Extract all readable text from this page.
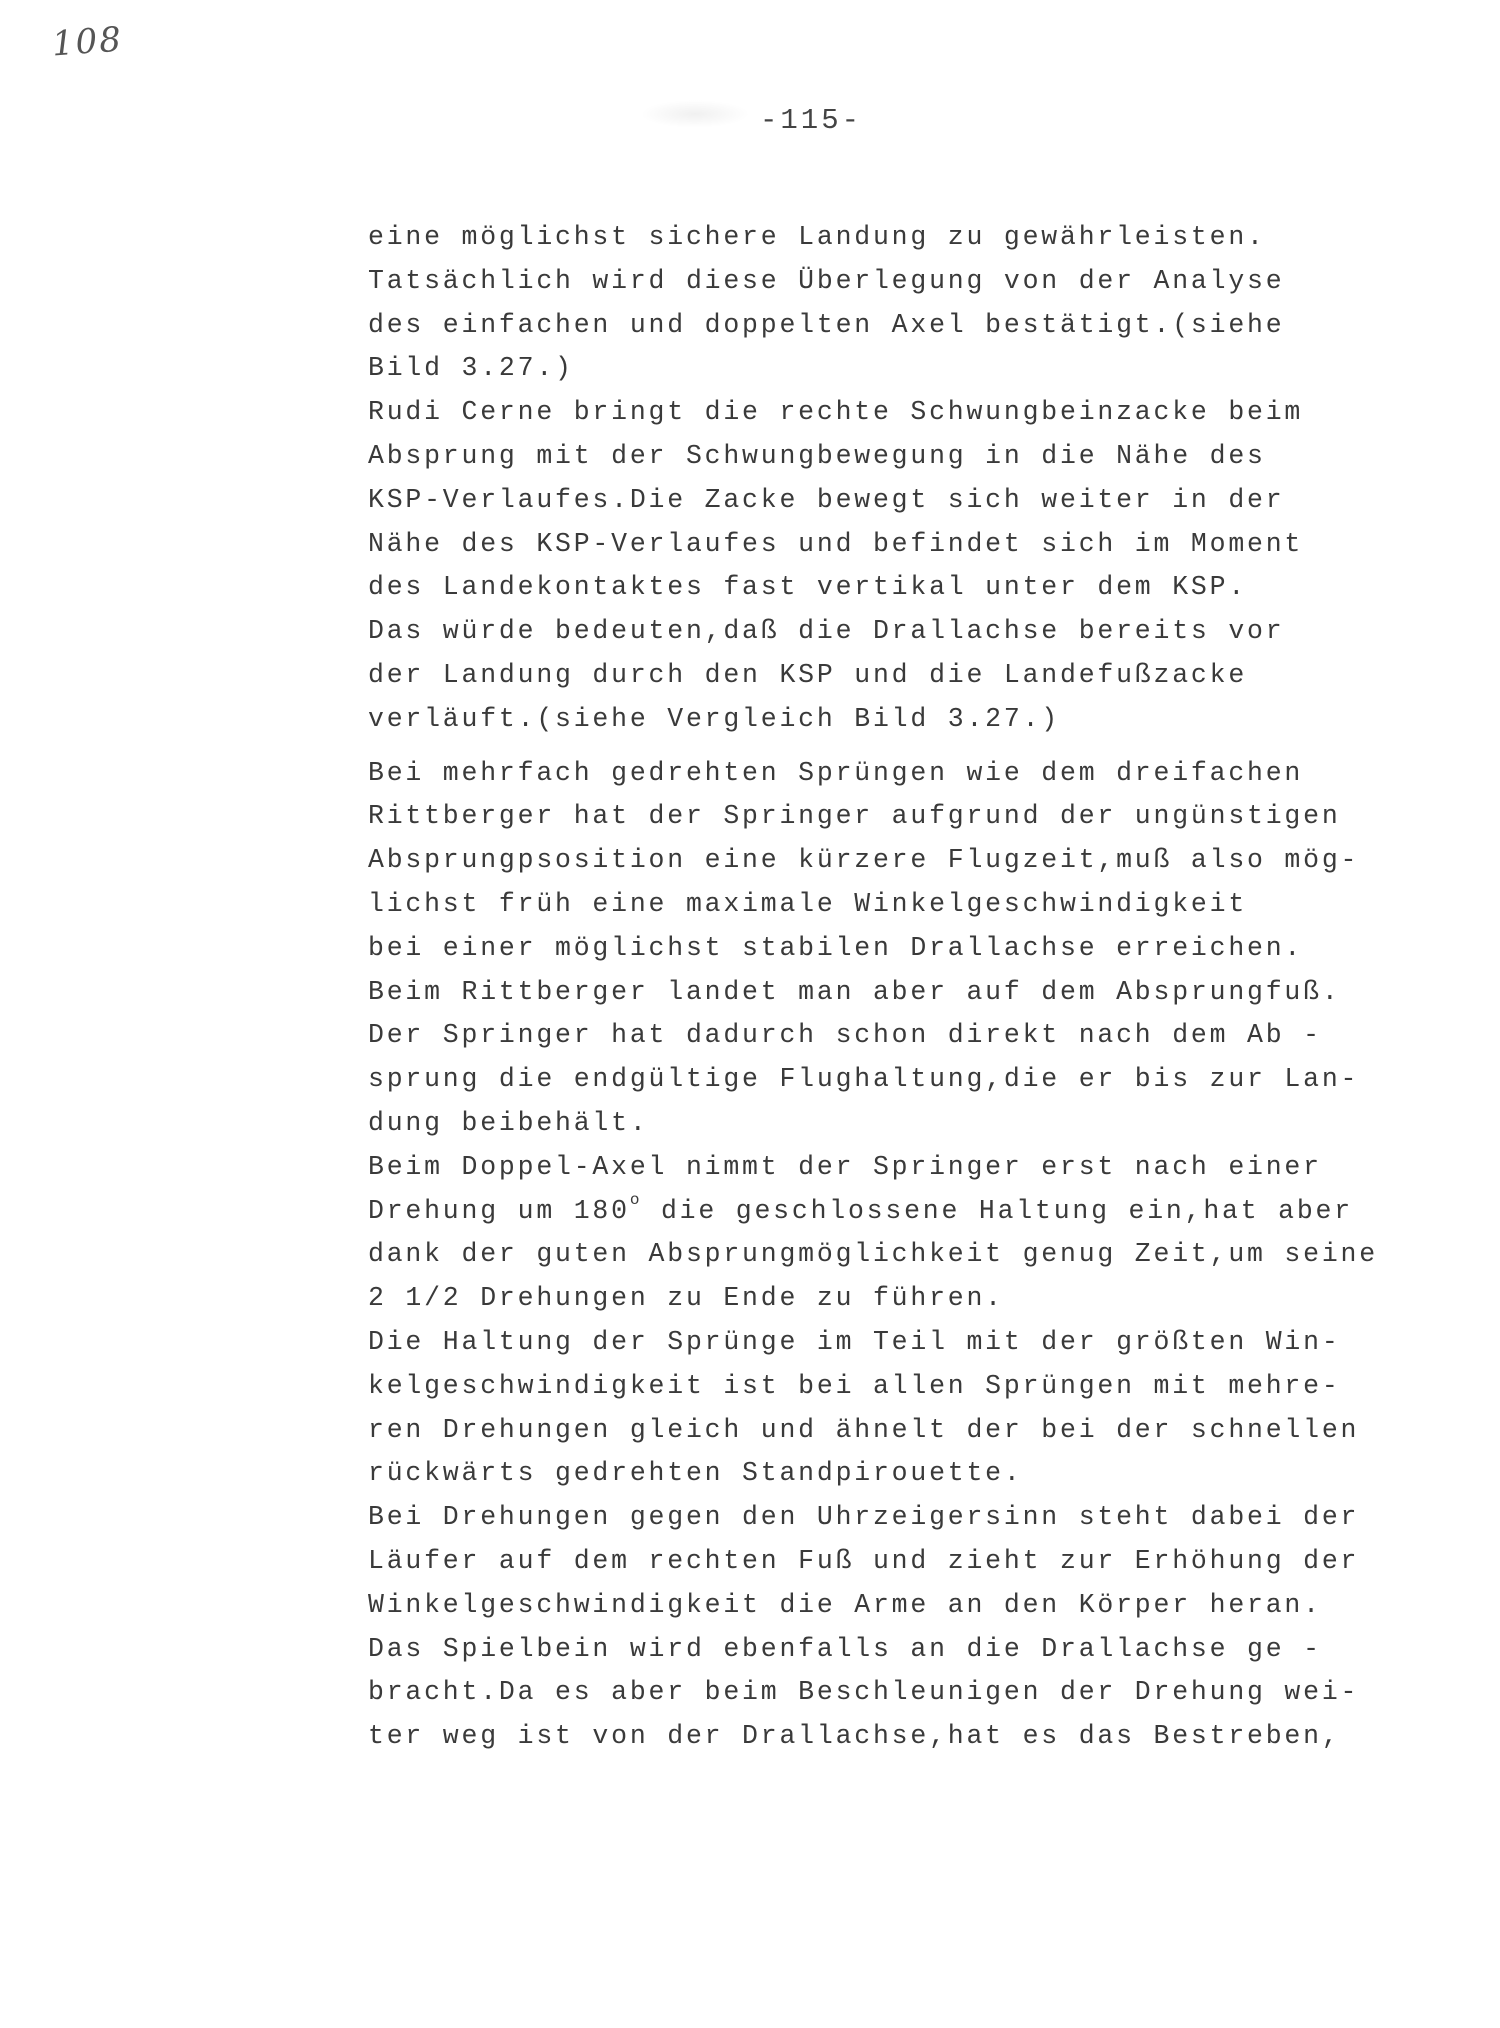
108
-115-
eine möglichst sichere Landung zu gewährleisten.
Tatsächlich wird diese Überlegung von der Analyse
des einfachen und doppelten Axel bestätigt.(siehe
Bild 3.27.)
Rudi Cerne bringt die rechte Schwungbeinzacke beim
Absprung mit der Schwungbewegung in die Nähe des
KSP-Verlaufes.Die Zacke bewegt sich weiter in der
Nähe des KSP-Verlaufes und befindet sich im Moment
des Landekontaktes fast vertikal unter dem KSP.
Das würde bedeuten,daß die Drallachse bereits vor
der Landung durch den KSP und die Landefußzacke
verläuft.(siehe Vergleich Bild 3.27.)
Bei mehrfach gedrehten Sprüngen wie dem dreifachen
Rittberger hat der Springer aufgrund der ungünstigen
Absprungpsosition eine kürzere Flugzeit,muß also mög-
lichst früh eine maximale Winkelgeschwindigkeit
bei einer möglichst stabilen Drallachse erreichen.
Beim Rittberger landet man aber auf dem Absprungfuß.
Der Springer hat dadurch schon direkt nach dem Ab -
sprung die endgültige Flughaltung,die er bis zur Lan-
dung beibehält.
Beim Doppel-Axel nimmt der Springer erst nach einer
Drehung um 180$^o$ die geschlossene Haltung ein,hat aber
dank der guten Absprungmöglichkeit genug Zeit,um seine
2 1/2 Drehungen zu Ende zu führen.
Die Haltung der Sprünge im Teil mit der größten Win-
kelgeschwindigkeit ist bei allen Sprüngen mit mehre-
ren Drehungen gleich und ähnelt der bei der schnellen
rückwärts gedrehten Standpirouette.
Bei Drehungen gegen den Uhrzeigersinn steht dabei der
Läufer auf dem rechten Fuß und zieht zur Erhöhung der
Winkelgeschwindigkeit die Arme an den Körper heran.
Das Spielbein wird ebenfalls an die Drallachse ge -
bracht.Da es aber beim Beschleunigen der Drehung wei-
ter weg ist von der Drallachse,hat es das Bestreben,
